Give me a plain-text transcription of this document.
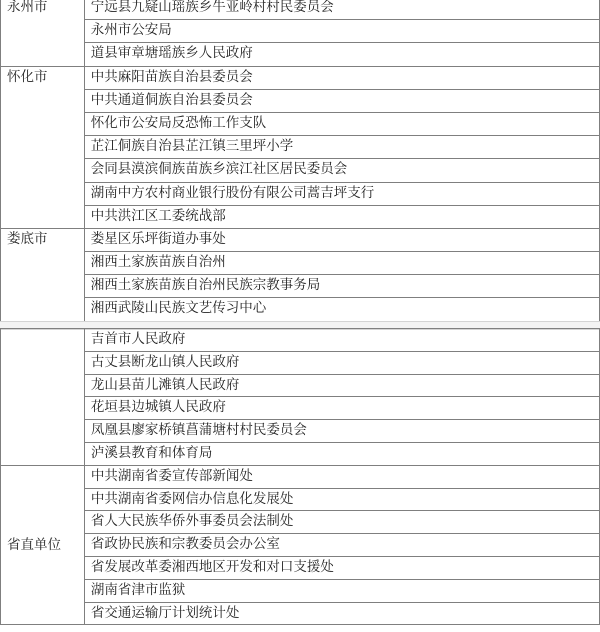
永州市	宁远县九疑山瑶族乡牛亚岭村村民委员会
	永州市公安局
	道县审章塘瑶族乡人民政府
怀化市	中共麻阳苗族自治县委员会
	中共通道侗族自治县委员会
	怀化市公安局反恐怖工作支队
	芷江侗族自治县芷江镇三里坪小学
	会同县漠滨侗族苗族乡滨江社区居民委员会
	湖南中方农村商业银行股份有限公司蒿吉坪支行
	中共洪江区工委统战部
娄底市	娄星区乐坪街道办事处
	湘西土家族苗族自治州
	湘西土家族苗族自治州民族宗教事务局
	湘西武陵山民族文艺传习中心
	吉首市人民政府
	古丈县断龙山镇人民政府
	龙山县苗儿滩镇人民政府
	花垣县边城镇人民政府
	凤凰县廖家桥镇菖蒲塘村村民委员会
	泸溪县教育和体育局
省直单位	中共湖南省委宣传部新闻处
	中共湖南省委网信办信息化发展处
	省人大民族华侨外事委员会法制处
	省政协民族和宗教委员会办公室
	省发展改革委湘西地区开发和对口支援处
	湖南省津市监狱
	省交通运输厅计划统计处
